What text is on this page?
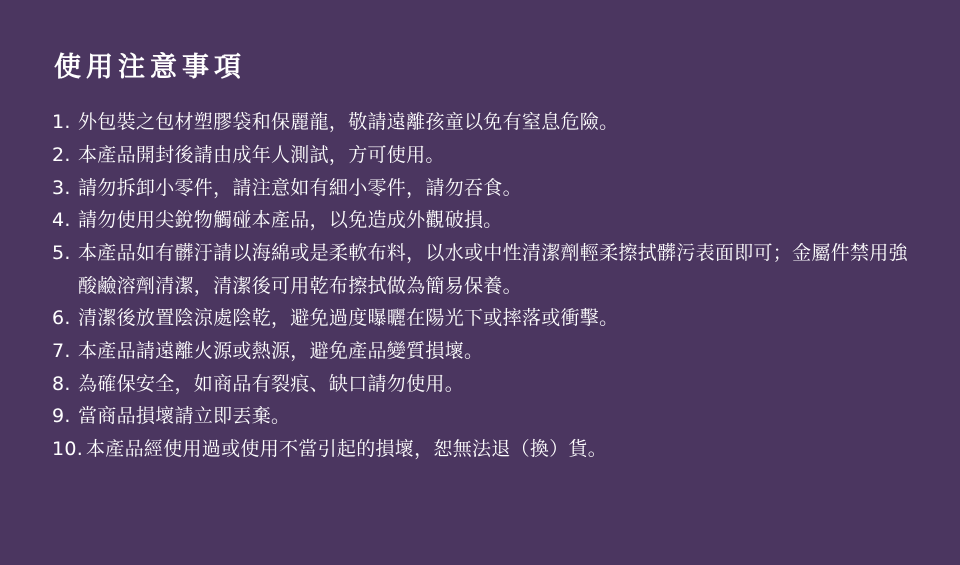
使用注意事項
1. 外包裝之包材塑膠袋和保麗龍，敬請遠離孩童以免有窒息危險。
2. 本產品開封後請由成年人測試，方可使用。
3. 請勿拆卸小零件，請注意如有細小零件，請勿吞食。
4. 請勿使用尖銳物觸碰本產品，以免造成外觀破損。
5. 本產品如有髒汙請以海綿或是柔軟布料，以水或中性清潔劑輕柔擦拭髒污表面即可；金屬件禁用強酸鹼溶劑清潔，清潔後可用乾布擦拭做為簡易保養。
6. 清潔後放置陰涼處陰乾，避免過度曝曬在陽光下或摔落或衝擊。
7. 本產品請遠離火源或熱源，避免產品變質損壞。
8. 為確保安全，如商品有裂痕、缺口請勿使用。
9. 當商品損壞請立即丟棄。
10. 本產品經使用過或使用不當引起的損壞，恕無法退（換）貨。
